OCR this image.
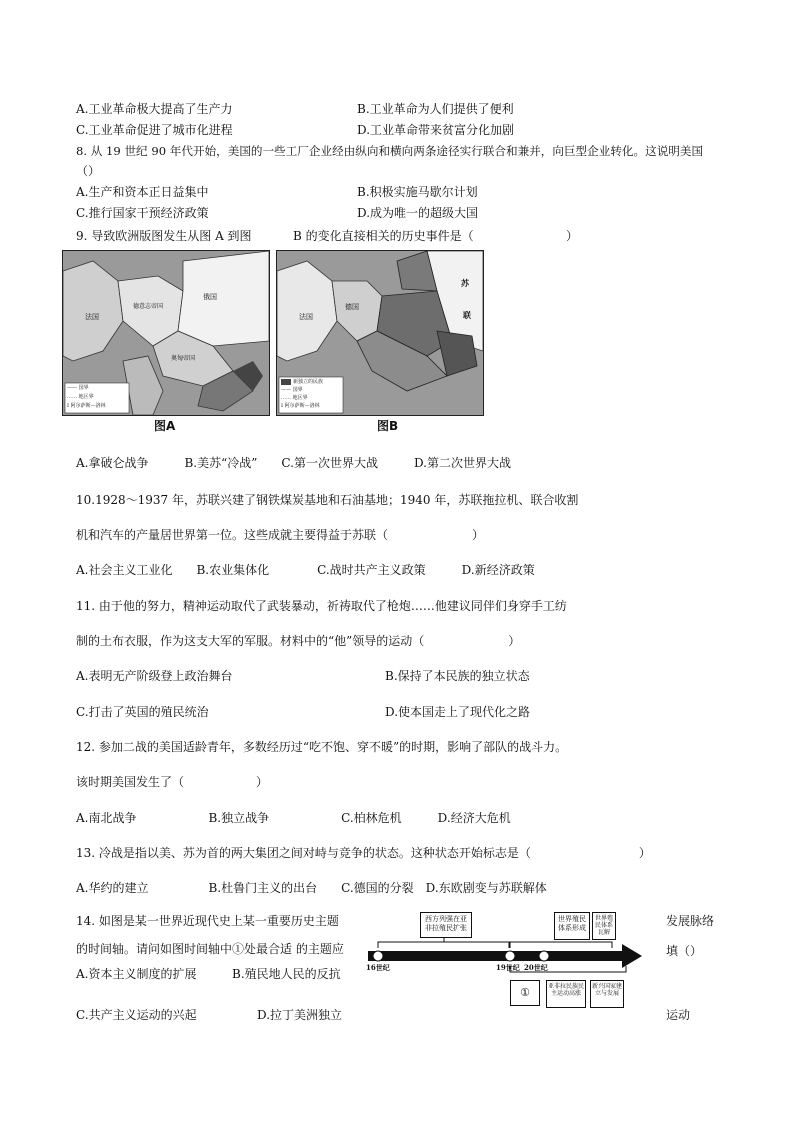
A.工业革命极大提高了生产力	B.工业革命为人们提供了便利
C.工业革命促进了城市化进程	D.工业革命带来贫富分化加剧
8. 从 19 世纪 90 年代开始，美国的一些工厂企业经由纵向和横向两条途径实行联合和兼并，向巨型企业转化。这说明美国
（）
A.生产和资本正日益集中	B.积极实施马歇尔计划
C.推行国家干预经济政策	D.成为唯一的超级大国
9. 导致欧洲版图发生从图 A 到图	B 的变化直接相关的历史事件是（	）
俄国
法国
德意志帝国
奥匈帝国
—— 国界
…… 地区界
I 阿尔萨斯—洛林
图A
苏
联
法国
德国
新独立的民族
—— 国界
…… 地区界
I 阿尔萨斯—洛林
图B
A.拿破仑战争　　　B.美苏“冷战”　　C.第一次世界大战　　　D.第二次世界大战
10.1928～1937 年，苏联兴建了钢铁煤炭基地和石油基地；1940 年，苏联拖拉机、联合收割
机和汽车的产量居世界第一位。这些成就主要得益于苏联（　　　　　　　）
A.社会主义工业化　　B.农业集体化　　　　C.战时共产主义政策　　　D.新经济政策
11. 由于他的努力，精神运动取代了武装暴动，祈祷取代了枪炮……他建议同伴们身穿手工纺
制的土布衣服，作为这支大军的军服。材料中的“他”领导的运动（　　　　　　　）
A.表明无产阶级登上政治舞台	B.保持了本民族的独立状态
C.打击了英国的殖民统治	D.使本国走上了现代化之路
12. 参加二战的美国适龄青年，多数经历过“吃不饱、穿不暖”的时期，影响了部队的战斗力。
该时期美国发生了（　　　　　　）
A.南北战争　　　　　　B.独立战争　　　　　　C.柏林危机　　　D.经济大危机
13. 冷战是指以美、苏为首的两大集团之间对峙与竞争的状态。这种状态开始标志是（　　　　　　　　　）
A.华约的建立　　　　　B.杜鲁门主义的出台　　C.德国的分裂　D.东欧剧变与苏联解体
14. 如图是某一世界近现代史上某一重要历史主题	发展脉络
的时间轴。请问如图时间轴中①处最合适 的主题应	填（）
A.资本主义制度的扩展	B.殖民地人民的反抗
C.共产主义运动的兴起	D.拉丁美洲独立	运动
西方列强在亚非拉殖民扩张
世界殖民体系形成
世界殖民体系瓦解
16世纪	19世纪 20世纪
①	亚非拉民族民主运动高涨
新兴国家建立与发展
